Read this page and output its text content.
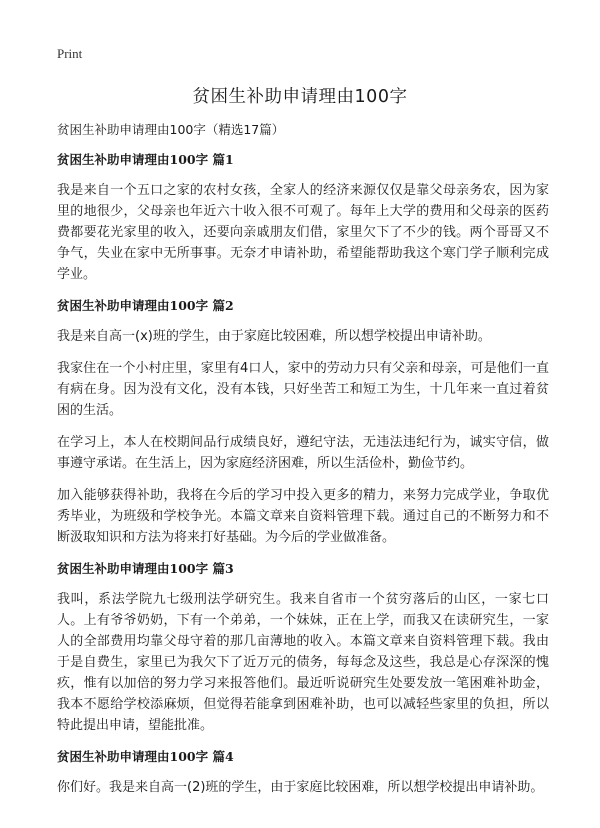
Print
贫困生补助申请理由100字

贫困生补助申请理由100字（精选17篇）

贫困生补助申请理由100字 篇1

我是来自一个五口之家的农村女孩，全家人的经济来源仅仅是靠父母亲务农，因为家里的地很少，父母亲也年近六十收入很不可观了。每年上大学的费用和父母亲的医药费都要花光家里的收入，还要向亲戚朋友们借，家里欠下了不少的钱。两个哥哥又不争气，失业在家中无所事事。无奈才申请补助，希望能帮助我这个寒门学子顺利完成学业。

贫困生补助申请理由100字 篇2

我是来自高一(x)班的学生，由于家庭比较困难，所以想学校提出申请补助。

我家住在一个小村庄里，家里有4口人，家中的劳动力只有父亲和母亲，可是他们一直有病在身。因为没有文化，没有本钱，只好坐苦工和短工为生，十几年来一直过着贫困的生活。

在学习上，本人在校期间品行成绩良好，遵纪守法，无违法违纪行为，诚实守信，做事遵守承诺。在生活上，因为家庭经济困难，所以生活俭朴，勤俭节约。

加入能够获得补助，我将在今后的学习中投入更多的精力，来努力完成学业，争取优秀毕业，为班级和学校争光。本篇文章来自资料管理下载。通过自己的不断努力和不断汲取知识和方法为将来打好基础。为今后的学业做准备。

贫困生补助申请理由100字 篇3

我叫，系法学院九七级刑法学研究生。我来自省市一个贫穷落后的山区，一家七口人。上有爷爷奶奶，下有一个弟弟，一个妹妹，正在上学，而我又在读研究生，一家人的全部费用均靠父母守着的那几亩薄地的收入。本篇文章来自资料管理下载。我由于是自费生，家里已为我欠下了近万元的债务，每每念及这些，我总是心存深深的愧疚，惟有以加倍的努力学习来报答他们。最近听说研究生处要发放一笔困难补助金，我本不愿给学校添麻烦，但觉得若能拿到困难补助，也可以减轻些家里的负担，所以特此提出申请，望能批准。

贫困生补助申请理由100字 篇4

你们好。我是来自高一(2)班的学生，由于家庭比较困难，所以想学校提出申请补助。
